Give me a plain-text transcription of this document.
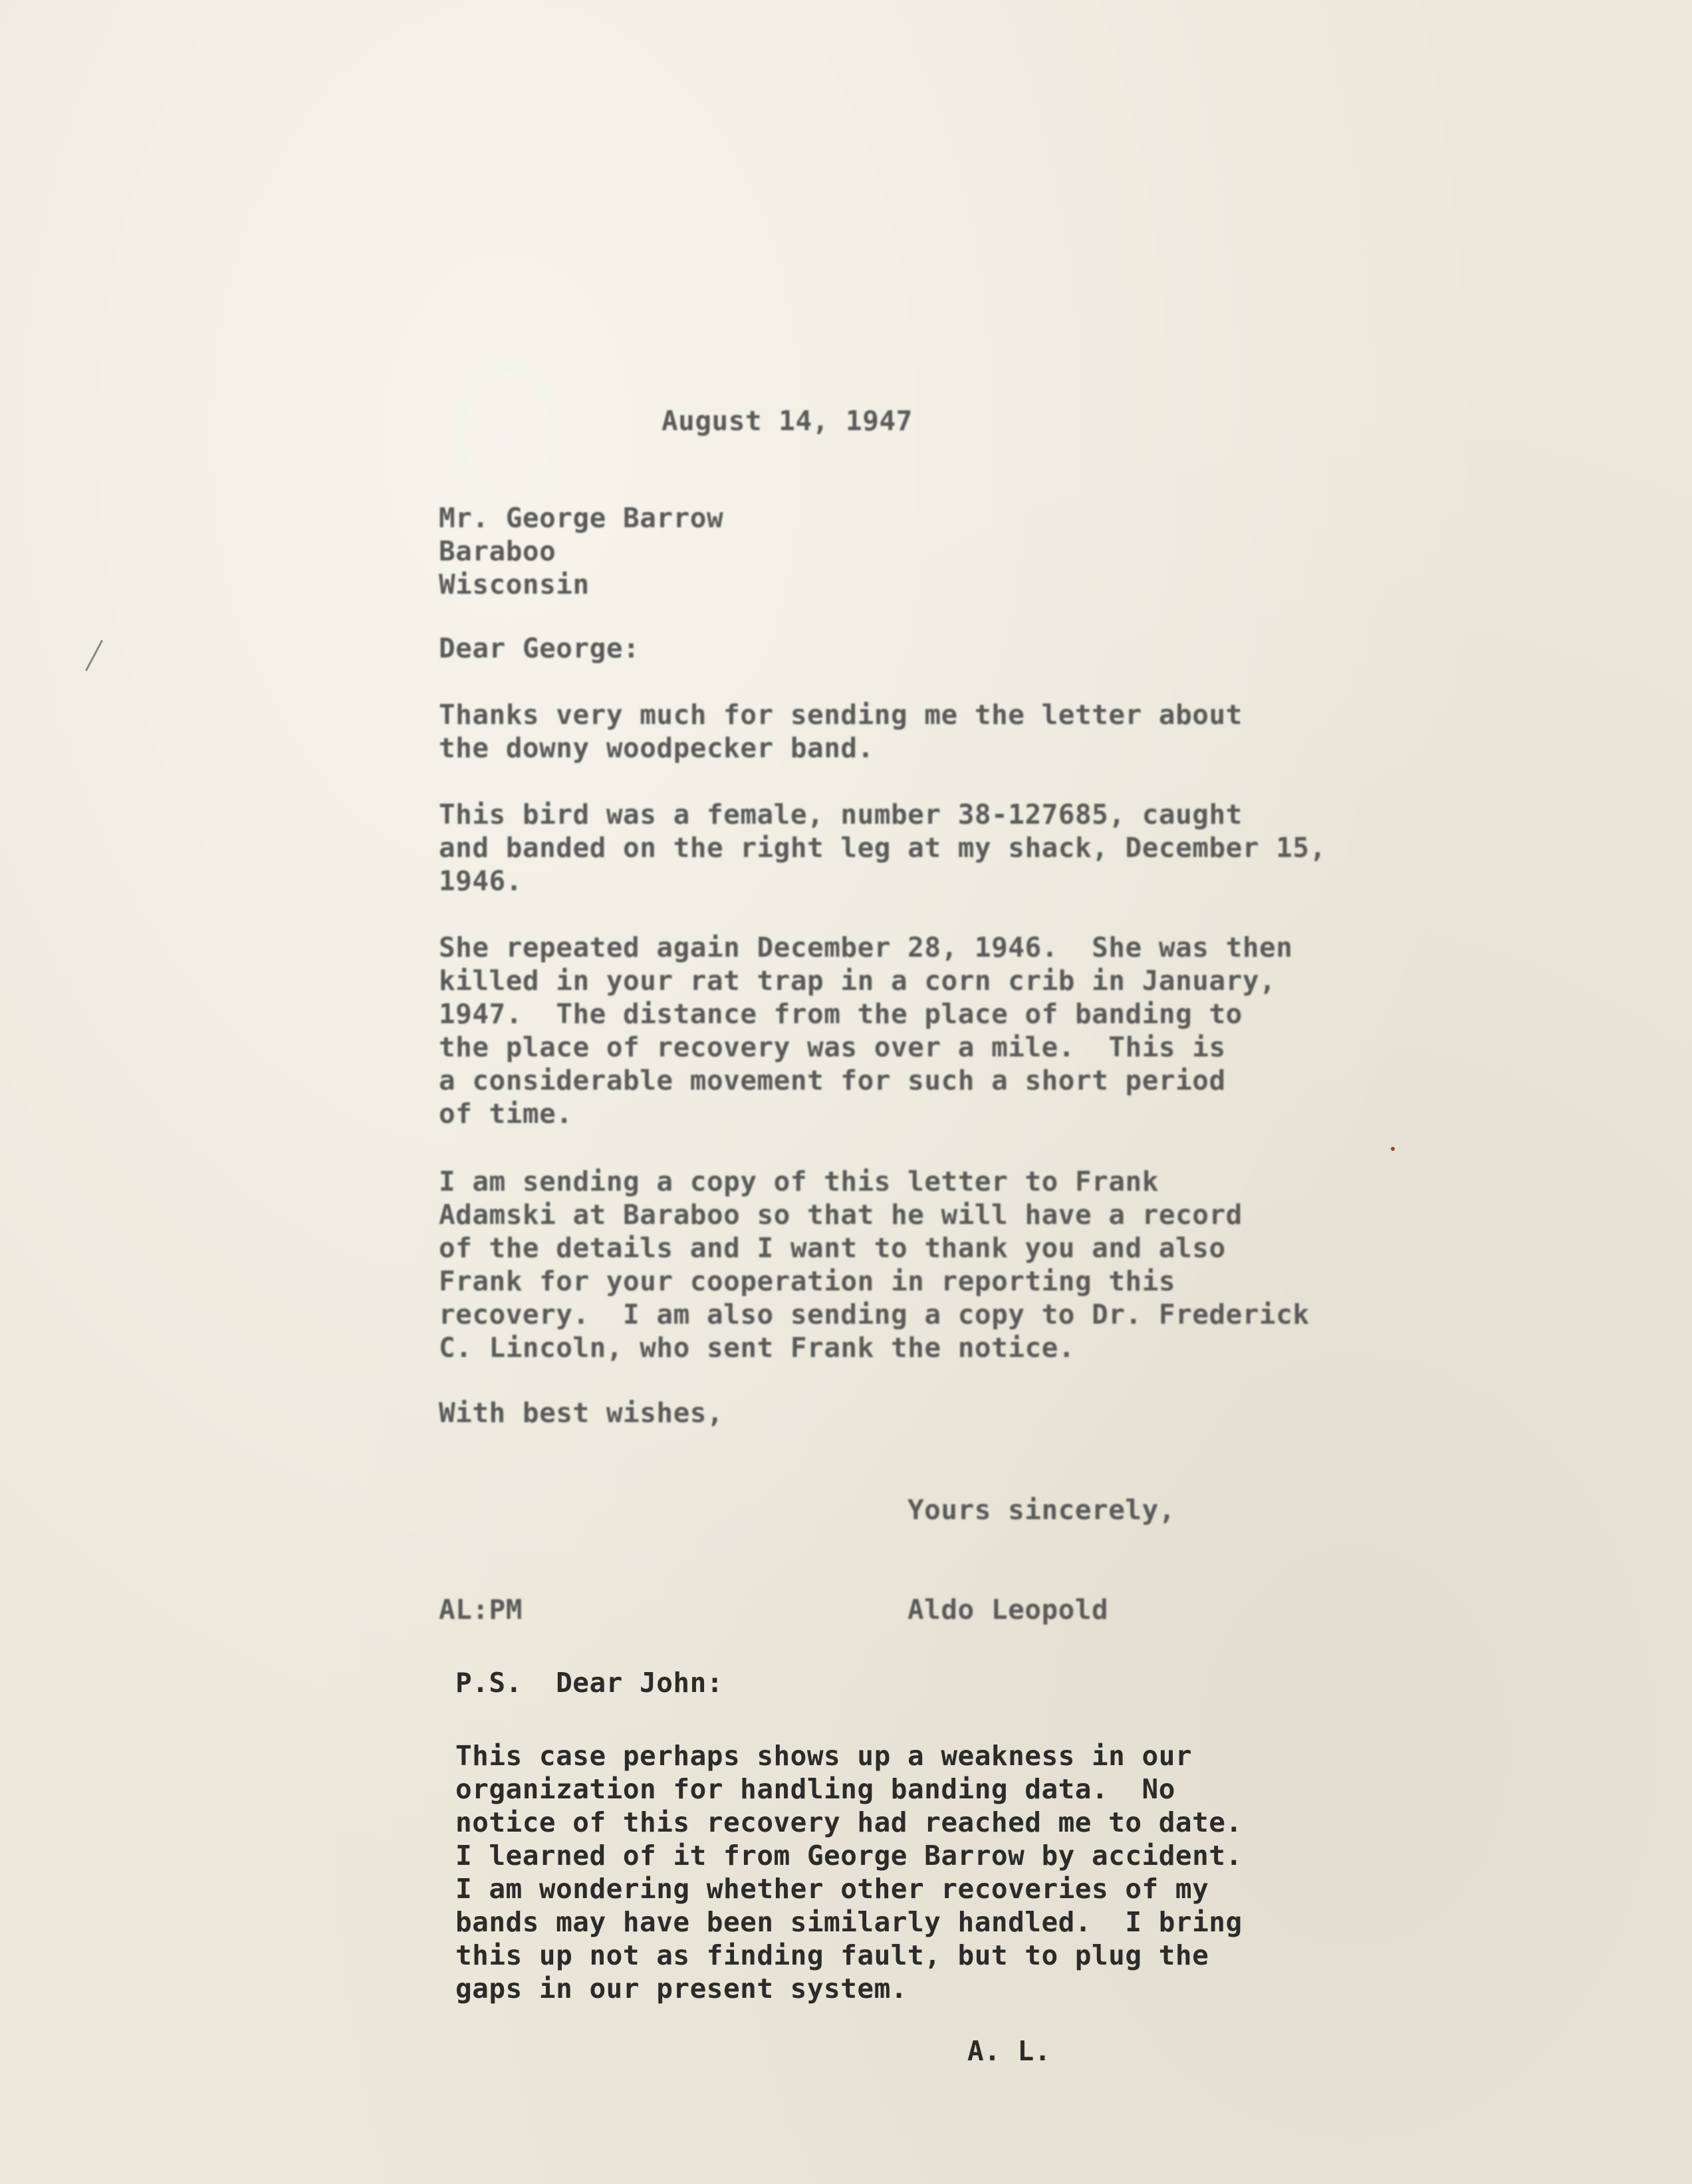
August 14, 1947
Mr. George Barrow
Baraboo
Wisconsin
Dear George:
Thanks very much for sending me the letter about
the downy woodpecker band.
This bird was a female, number 38-127685, caught
and banded on the right leg at my shack, December 15,
1946.
She repeated again December 28, 1946.  She was then
killed in your rat trap in a corn crib in January,
1947.  The distance from the place of banding to
the place of recovery was over a mile.  This is
a considerable movement for such a short period
of time.
I am sending a copy of this letter to Frank
Adamski at Baraboo so that he will have a record
of the details and I want to thank you and also
Frank for your cooperation in reporting this
recovery.  I am also sending a copy to Dr. Frederick
C. Lincoln, who sent Frank the notice.
With best wishes,
Yours sincerely,
AL:PM	Aldo Leopold
P.S.  Dear John:
This case perhaps shows up a weakness in our
organization for handling banding data.  No
notice of this recovery had reached me to date.
I learned of it from George Barrow by accident.
I am wondering whether other recoveries of my
bands may have been similarly handled.  I bring
this up not as finding fault, but to plug the
gaps in our present system.
A. L.
